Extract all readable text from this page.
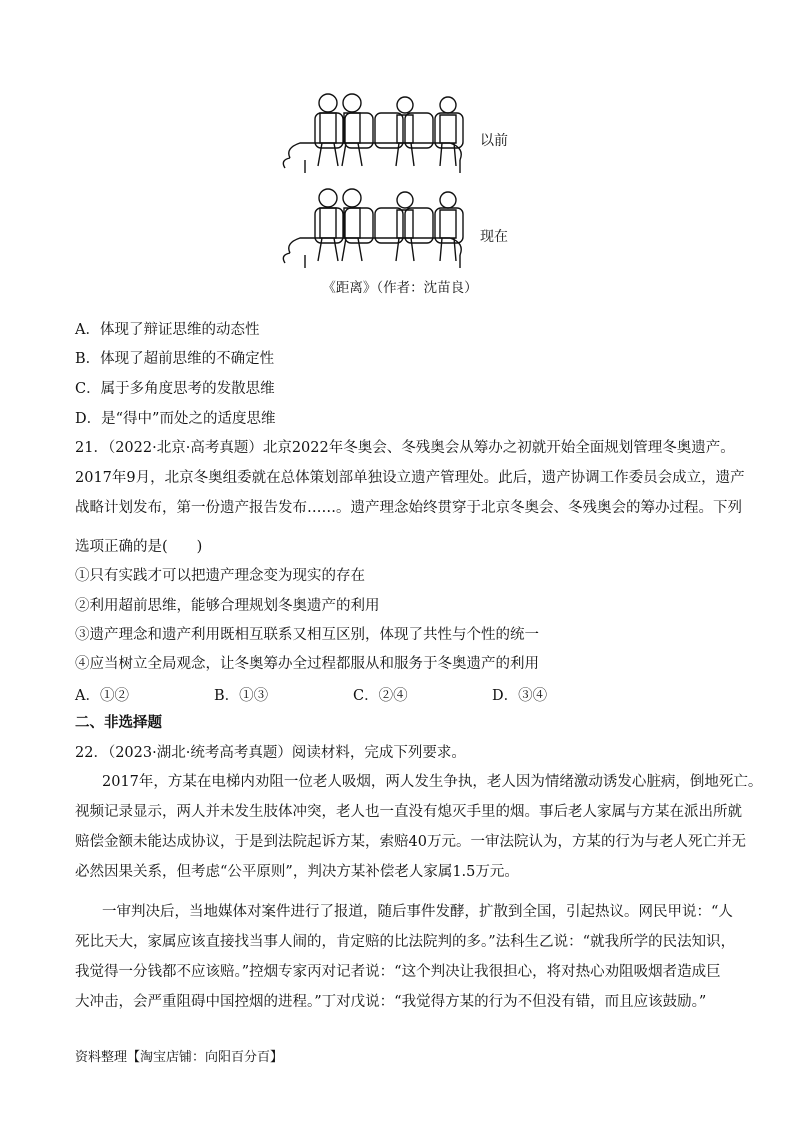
以前
现在
《距离》（作者：沈苗良）
A．体现了辩证思维的动态性
B．体现了超前思维的不确定性
C．属于多角度思考的发散思维
D．是“得中”而处之的适度思维
21．（2022·北京·高考真题）北京2022年冬奥会、冬残奥会从筹办之初就开始全面规划管理冬奥遗产。
2017年9月，北京冬奥组委就在总体策划部单独设立遗产管理处。此后，遗产协调工作委员会成立，遗产
战略计划发布，第一份遗产报告发布……。遗产理念始终贯穿于北京冬奥会、冬残奥会的筹办过程。下列
选项正确的是(　　)
①只有实践才可以把遗产理念变为现实的存在
②利用超前思维，能够合理规划冬奥遗产的利用
③遗产理念和遗产利用既相互联系又相互区别，体现了共性与个性的统一
④应当树立全局观念，让冬奥筹办全过程都服从和服务于冬奥遗产的利用
A．①②	B．①③	C．②④	D．③④
二、非选择题
22．（2023·湖北·统考高考真题）阅读材料，完成下列要求。
2017年，方某在电梯内劝阻一位老人吸烟，两人发生争执，老人因为情绪激动诱发心脏病，倒地死亡。
视频记录显示，两人并未发生肢体冲突，老人也一直没有熄灭手里的烟。事后老人家属与方某在派出所就
赔偿金额未能达成协议，于是到法院起诉方某，索赔40万元。一审法院认为，方某的行为与老人死亡并无
必然因果关系，但考虑“公平原则”，判决方某补偿老人家属1.5万元。
一审判决后，当地媒体对案件进行了报道，随后事件发酵，扩散到全国，引起热议。网民甲说：“人
死比天大，家属应该直接找当事人闹的，肯定赔的比法院判的多。”法科生乙说：“就我所学的民法知识，
我觉得一分钱都不应该赔。”控烟专家丙对记者说：“这个判决让我很担心，将对热心劝阻吸烟者造成巨
大冲击，会严重阻碍中国控烟的进程。”丁对戊说：“我觉得方某的行为不但没有错，而且应该鼓励。”
资料整理【淘宝店铺：向阳百分百】
